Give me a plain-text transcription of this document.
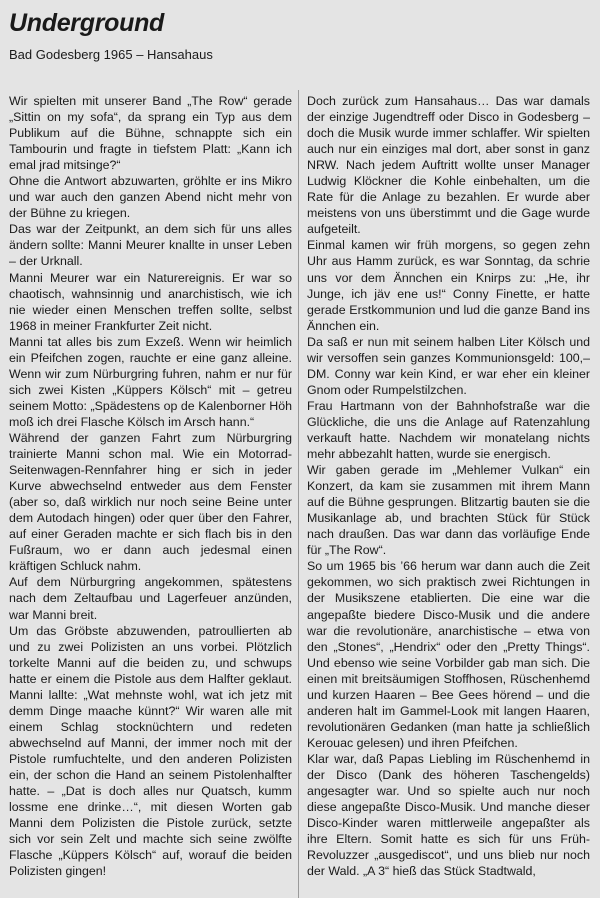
Underground
Bad Godesberg 1965 – Hansahaus

Wir spielten mit unserer Band „The Row“ gerade „Sittin on my sofa“, da sprang ein Typ aus dem Publikum auf die Bühne, schnappte sich ein Tambourin und fragte in tiefstem Platt: „Kann ich emal jrad mitsinge?“

Ohne die Antwort abzuwarten, gröhlte er ins Mikro und war auch den ganzen Abend nicht mehr von der Bühne zu kriegen.

Das war der Zeitpunkt, an dem sich für uns alles ändern sollte: Manni Meurer knallte in unser Leben – der Urknall.

Manni Meurer war ein Naturereignis. Er war so chaotisch, wahnsinnig und anarchistisch, wie ich nie wieder einen Menschen treffen sollte, selbst 1968 in meiner Frankfurter Zeit nicht.

Manni tat alles bis zum Exzeß. Wenn wir heimlich ein Pfeifchen zogen, rauchte er eine ganz alleine. Wenn wir zum Nürburgring fuhren, nahm er nur für sich zwei Kisten „Küppers Kölsch“ mit – getreu seinem Motto: „Spädestens op de Kalenborner Höh moß ich drei Flasche Kölsch im Arsch hann.“

Während der ganzen Fahrt zum Nürburgring trainierte Manni schon mal. Wie ein Motorrad-Seitenwagen-Rennfahrer hing er sich in jeder Kurve abwechselnd entweder aus dem Fenster (aber so, daß wirklich nur noch seine Beine unter dem Autodach hingen) oder quer über den Fahrer, auf einer Geraden machte er sich flach bis in den Fußraum, wo er dann auch jedesmal einen kräftigen Schluck nahm.

Auf dem Nürburgring angekommen, spätestens nach dem Zeltaufbau und Lagerfeuer anzünden, war Manni breit.

Um das Gröbste abzuwenden, patroullierten ab und zu zwei Polizisten an uns vorbei. Plötzlich torkelte Manni auf die beiden zu, und schwups hatte er einem die Pistole aus dem Halfter geklaut. Manni lallte: „Wat mehnste wohl, wat ich jetz mit demm Dinge maache künnt?“ Wir waren alle mit einem Schlag stocknüchtern und redeten abwechselnd auf Manni, der immer noch mit der Pistole rumfuchtelte, und den anderen Polizisten ein, der schon die Hand an seinem Pistolenhalfter hatte. – „Dat is doch alles nur Quatsch, kumm lossme ene drinke…“, mit diesen Worten gab Manni dem Polizisten die Pistole zurück, setzte sich vor sein Zelt und machte sich seine zwölfte Flasche „Küppers Kölsch“ auf, worauf die beiden Polizisten gingen!

Doch zurück zum Hansahaus… Das war damals der einzige Jugendtreff oder Disco in Godesberg – doch die Musik wurde immer schlaffer. Wir spielten auch nur ein einziges mal dort, aber sonst in ganz NRW. Nach jedem Auftritt wollte unser Manager Ludwig Klöckner die Kohle einbehalten, um die Rate für die Anlage zu bezahlen. Er wurde aber meistens von uns überstimmt und die Gage wurde aufgeteilt.

Einmal kamen wir früh morgens, so gegen zehn Uhr aus Hamm zurück, es war Sonntag, da schrie uns vor dem Ännchen ein Knirps zu: „He, ihr Junge, ich jäv ene us!“ Conny Finette, er hatte gerade Erstkommunion und lud die ganze Band ins Ännchen ein.

Da saß er nun mit seinem halben Liter Kölsch und wir versoffen sein ganzes Kommunionsgeld: 100,– DM. Conny war kein Kind, er war eher ein kleiner Gnom oder Rumpelstilzchen.

Frau Hartmann von der Bahnhofstraße war die Glückliche, die uns die Anlage auf Ratenzahlung verkauft hatte. Nachdem wir monatelang nichts mehr abbezahlt hatten, wurde sie energisch.

Wir gaben gerade im „Mehlemer Vulkan“ ein Konzert, da kam sie zusammen mit ihrem Mann auf die Bühne gesprungen. Blitzartig bauten sie die Musikanlage ab, und brachten Stück für Stück nach draußen. Das war dann das vorläufige Ende für „The Row“.

So um 1965 bis ’66 herum war dann auch die Zeit gekommen, wo sich praktisch zwei Richtungen in der Musikszene etablierten. Die eine war die angepaßte biedere Disco-Musik und die andere war die revolutionäre, anarchistische – etwa von den „Stones“, „Hendrix“ oder den „Pretty Things“. Und ebenso wie seine Vorbilder gab man sich. Die einen mit breitsäumigen Stoffhosen, Rüschenhemd und kurzen Haaren – Bee Gees hörend – und die anderen halt im Gammel-Look mit langen Haaren, revolutionären Gedanken (man hatte ja schließlich Kerouac gelesen) und ihren Pfeifchen.

Klar war, daß Papas Liebling im Rüschenhemd in der Disco (Dank des höheren Taschengelds) angesagter war. Und so spielte auch nur noch diese angepaßte Disco-Musik. Und manche dieser Disco-Kinder waren mittlerweile angepaßter als ihre Eltern. Somit hatte es sich für uns Früh-Revoluzzer „ausgediscot“, und uns blieb nur noch der Wald. „A 3“ hieß das Stück Stadtwald,
